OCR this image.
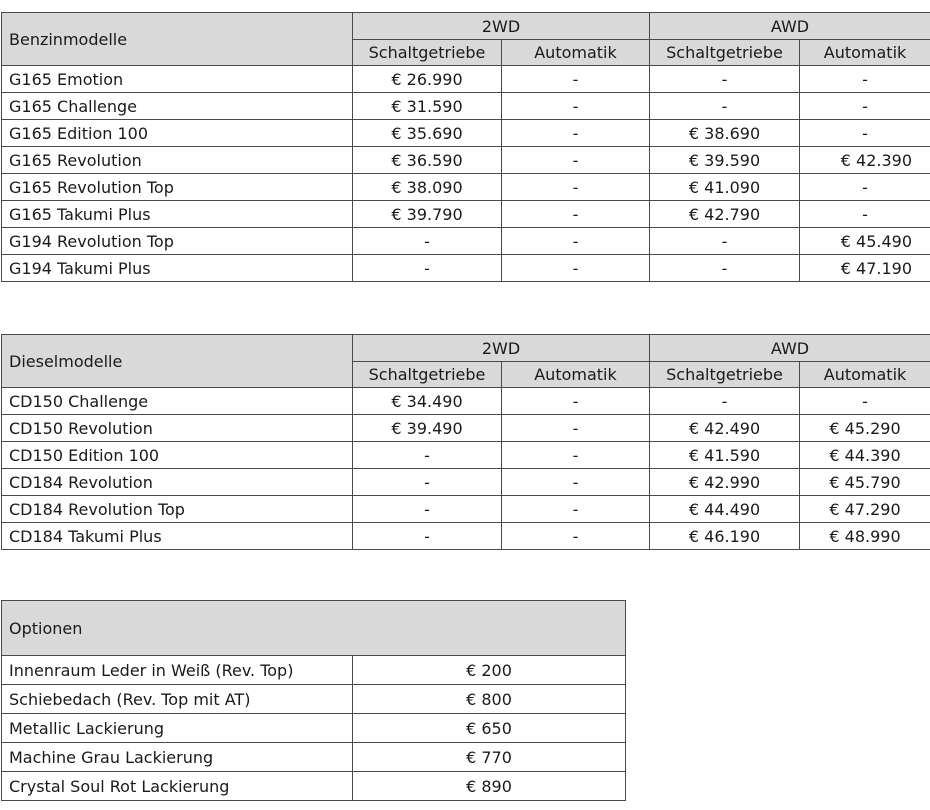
Benzinmodelle	2WD		AWD	
	Schaltgetriebe	Automatik	Schaltgetriebe	Automatik
G165 Emotion	€ 26.990	-	-	-
G165 Challenge	€ 31.590	-	-	-
G165 Edition 100	€ 35.690	-	€ 38.690	-
G165 Revolution	€ 36.590	-	€ 39.590	€ 42.390
G165 Revolution Top	€ 38.090	-	€ 41.090	-
G165 Takumi Plus	€ 39.790	-	€ 42.790	-
G194 Revolution Top	-	-	-	€ 45.490
G194 Takumi Plus	-	-	-	€ 47.190
Dieselmodelle	2WD		AWD	
	Schaltgetriebe	Automatik	Schaltgetriebe	Automatik
CD150 Challenge	€ 34.490	-	-	-
CD150 Revolution	€ 39.490	-	€ 42.490	€ 45.290
CD150 Edition 100	-	-	€ 41.590	€ 44.390
CD184 Revolution	-	-	€ 42.990	€ 45.790
CD184 Revolution Top	-	-	€ 44.490	€ 47.290
CD184 Takumi Plus	-	-	€ 46.190	€ 48.990
Optionen	
Innenraum Leder in Weiß (Rev. Top)	€ 200
Schiebedach (Rev. Top mit AT)	€ 800
Metallic Lackierung	€ 650
Machine Grau Lackierung	€ 770
Crystal Soul Rot Lackierung	€ 890
